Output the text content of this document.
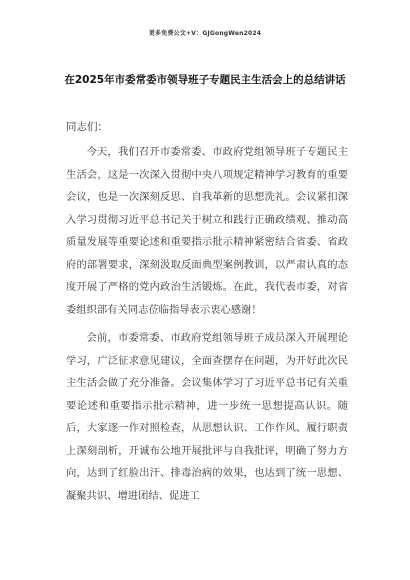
更多免费公文+V：GJGongWen2024
在2025年市委常委市领导班子专题民主生活会上的总结讲话
同志们：

今天，我们召开市委常委、市政府党组领导班子专题民主生活会，这是一次深入贯彻中央八项规定精神学习教育的重要会议，也是一次深刻反思、自我革新的思想洗礼。会议紧扣深入学习贯彻习近平总书记关于树立和践行正确政绩观、推动高质量发展等重要论述和重要指示批示精神紧密结合省委、省政府的部署要求，深刻汲取反面典型案例教训，以严肃认真的态度开展了严格的党内政治生活锻炼。在此，我代表市委，对省委组织部有关同志莅临指导表示衷心感谢！

会前，市委常委、市政府党组领导班子成员深入开展理论学习，广泛征求意见建议，全面查摆存在问题，为开好此次民主生活会做了充分准备。会议集体学习了习近平总书记有关重要论述和重要指示批示精神，进一步统一思想提高认识。随后，大家逐一作对照检查，从思想认识、工作作风、履行职责上深刻剖析，开诚布公地开展批评与自我批评，明确了努力方向，达到了红脸出汗、排毒治病的效果，也达到了统一思想、凝聚共识、增进团结、促进工
